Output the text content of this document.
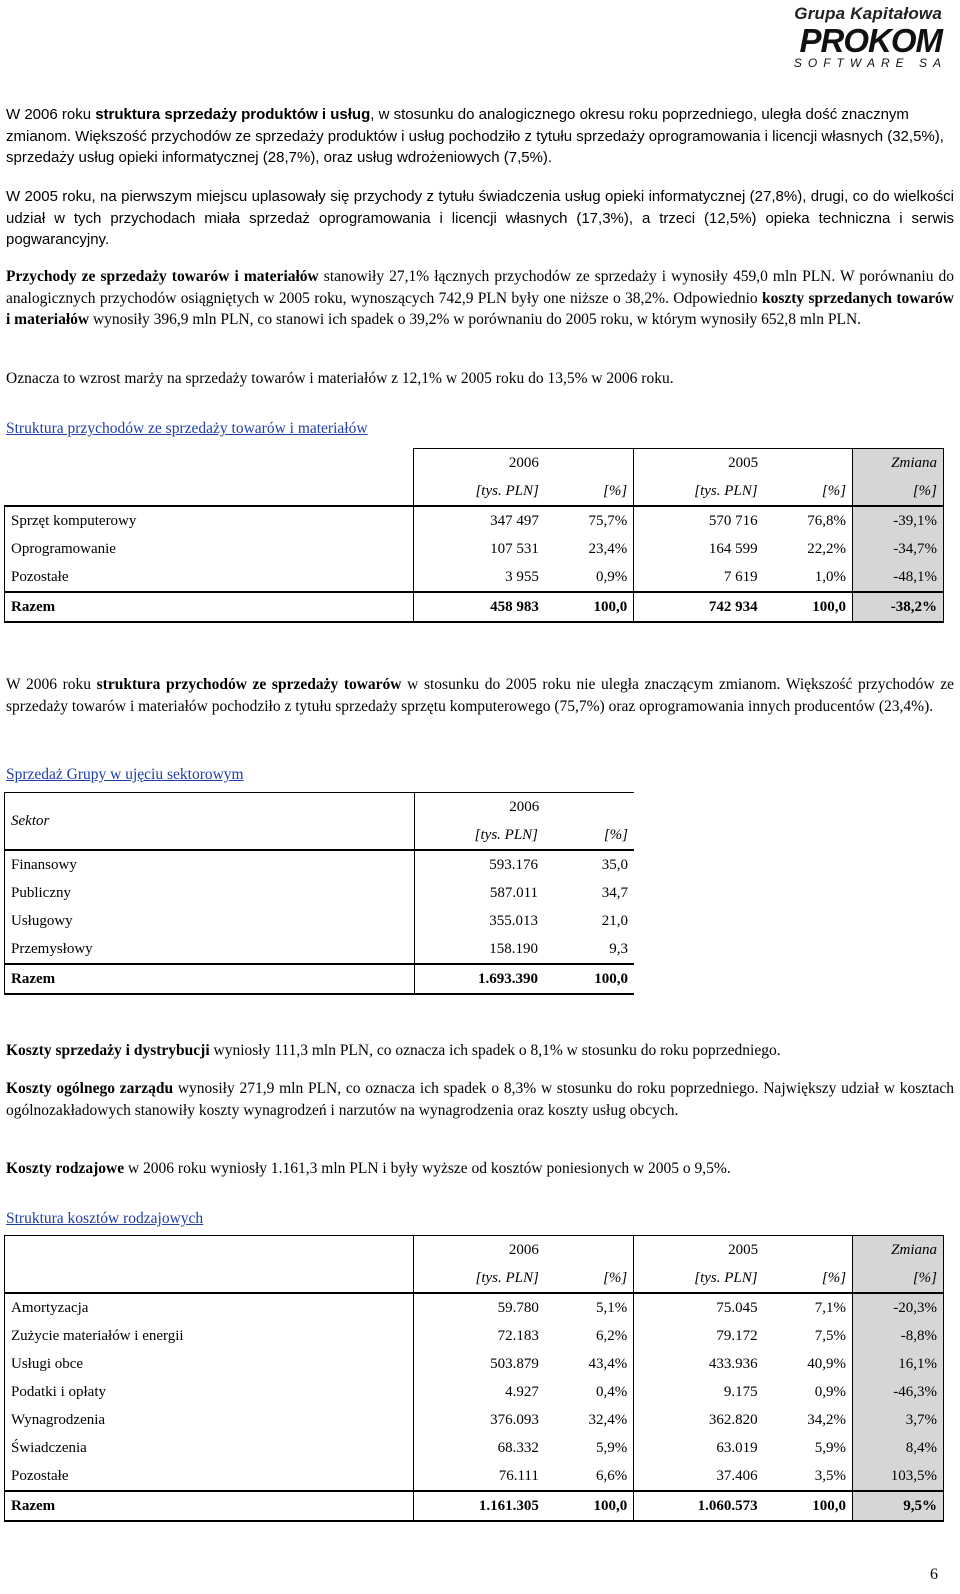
Grupa Kapitałowa
PROKOM
SOFTWARE SA

W 2006 roku struktura sprzedaży produktów i usług, w stosunku do analogicznego okresu roku poprzedniego, uległa dość znacznym zmianom. Większość przychodów ze sprzedaży produktów i usług pochodziło z tytułu sprzedaży oprogramowania i licencji własnych (32,5%), sprzedaży usług opieki informatycznej (28,7%), oraz usług wdrożeniowych (7,5%).

W 2005 roku, na pierwszym miejscu uplasowały się przychody z tytułu świadczenia usług opieki informatycznej (27,8%), drugi, co do wielkości udział w tych przychodach miała sprzedaż oprogramowania i licencji własnych (17,3%), a trzeci (12,5%) opieka techniczna i serwis pogwarancyjny.

Przychody ze sprzedaży towarów i materiałów stanowiły 27,1% łącznych przychodów ze sprzedaży i wynosiły 459,0 mln PLN. W porównaniu do analogicznych przychodów osiągniętych w 2005 roku, wynoszących 742,9 PLN były one niższe o 38,2%. Odpowiednio koszty sprzedanych towarów i materiałów wynosiły 396,9 mln PLN, co stanowi ich spadek o 39,2% w porównaniu do 2005 roku, w którym wynosiły 652,8 mln PLN.

Oznacza to wzrost marży na sprzedaży towarów i materiałów z 12,1% w 2005 roku do 13,5% w 2006 roku.

Struktura przychodów ze sprzedaży towarów i materiałów
	2006		2005		Zmiana
	[tys. PLN]	[%]	[tys. PLN]	[%]	[%]
Sprzęt komputerowy	347 497	75,7%	570 716	76,8%	-39,1%
Oprogramowanie	107 531	23,4%	164 599	22,2%	-34,7%
Pozostałe	3 955	0,9%	7 619	1,0%	-48,1%
Razem	458 983	100,0	742 934	100,0	-38,2%

W 2006 roku struktura przychodów ze sprzedaży towarów w stosunku do 2005 roku nie uległa znaczącym zmianom. Większość przychodów ze sprzedaży towarów i materiałów pochodziło z tytułu sprzedaży sprzętu komputerowego (75,7%) oraz oprogramowania innych producentów (23,4%).

Sprzedaż Grupy w ujęciu sektorowym
Sektor	2006	
	[tys. PLN]	[%]
Finansowy	593.176	35,0
Publiczny	587.011	34,7
Usługowy	355.013	21,0
Przemysłowy	158.190	9,3
Razem	1.693.390	100,0

Koszty sprzedaży i dystrybucji wyniosły 111,3 mln PLN, co oznacza ich spadek o 8,1% w stosunku do roku poprzedniego.

Koszty ogólnego zarządu wynosiły 271,9 mln PLN, co oznacza ich spadek o 8,3% w stosunku do roku poprzedniego. Największy udział w kosztach ogólnozakładowych stanowiły koszty wynagrodzeń i narzutów na wynagrodzenia oraz koszty usług obcych.

Koszty rodzajowe w 2006 roku wyniosły 1.161,3 mln PLN i były wyższe od kosztów poniesionych w 2005 o 9,5%.

Struktura kosztów rodzajowych
	2006		2005		Zmiana
	[tys. PLN]	[%]	[tys. PLN]	[%]	[%]
Amortyzacja	59.780	5,1%	75.045	7,1%	-20,3%
Zużycie materiałów i energii	72.183	6,2%	79.172	7,5%	-8,8%
Usługi obce	503.879	43,4%	433.936	40,9%	16,1%
Podatki i opłaty	4.927	0,4%	9.175	0,9%	-46,3%
Wynagrodzenia	376.093	32,4%	362.820	34,2%	3,7%
Świadczenia	68.332	5,9%	63.019	5,9%	8,4%
Pozostałe	76.111	6,6%	37.406	3,5%	103,5%
Razem	1.161.305	100,0	1.060.573	100,0	9,5%
6
